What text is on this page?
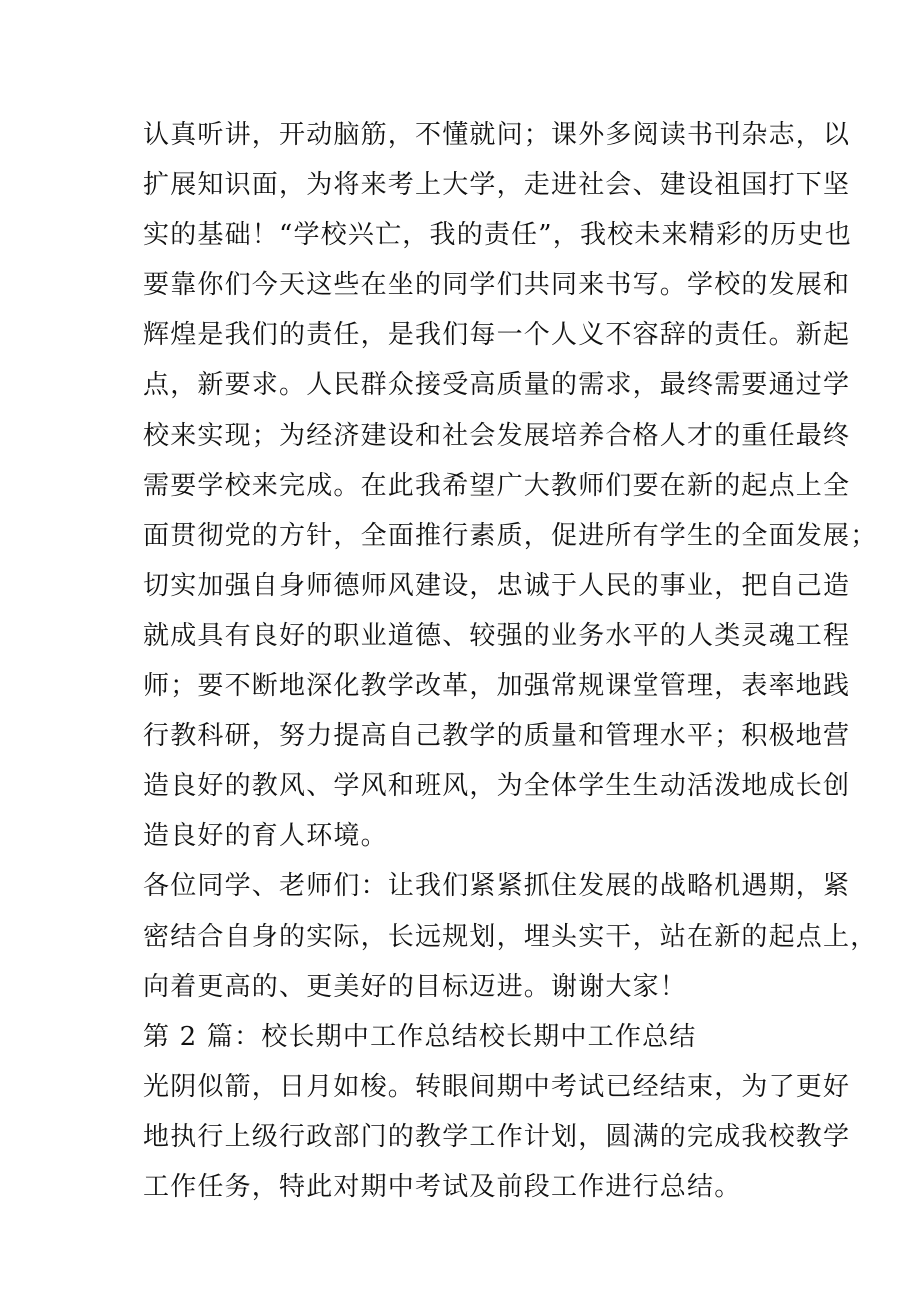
认真听讲，开动脑筋，不懂就问；课外多阅读书刊杂志，以
扩展知识面，为将来考上大学，走进社会、建设祖国打下坚
实的基础！“学校兴亡，我的责任”，我校未来精彩的历史也
要靠你们今天这些在坐的同学们共同来书写。学校的发展和
辉煌是我们的责任，是我们每一个人义不容辞的责任。新起
点，新要求。人民群众接受高质量的需求，最终需要通过学
校来实现；为经济建设和社会发展培养合格人才的重任最终
需要学校来完成。在此我希望广大教师们要在新的起点上全
面贯彻党的方针，全面推行素质，促进所有学生的全面发展；
切实加强自身师德师风建设，忠诚于人民的事业，把自己造
就成具有良好的职业道德、较强的业务水平的人类灵魂工程
师；要不断地深化教学改革，加强常规课堂管理，表率地践
行教科研，努力提高自己教学的质量和管理水平；积极地营
造良好的教风、学风和班风，为全体学生生动活泼地成长创
造良好的育人环境。
各位同学、老师们：让我们紧紧抓住发展的战略机遇期，紧
密结合自身的实际，长远规划，埋头实干，站在新的起点上，
向着更高的、更美好的目标迈进。谢谢大家！
第 2 篇：校长期中工作总结校长期中工作总结
光阴似箭，日月如梭。转眼间期中考试已经结束，为了更好
地执行上级行政部门的教学工作计划，圆满的完成我校教学
工作任务，特此对期中考试及前段工作进行总结。
